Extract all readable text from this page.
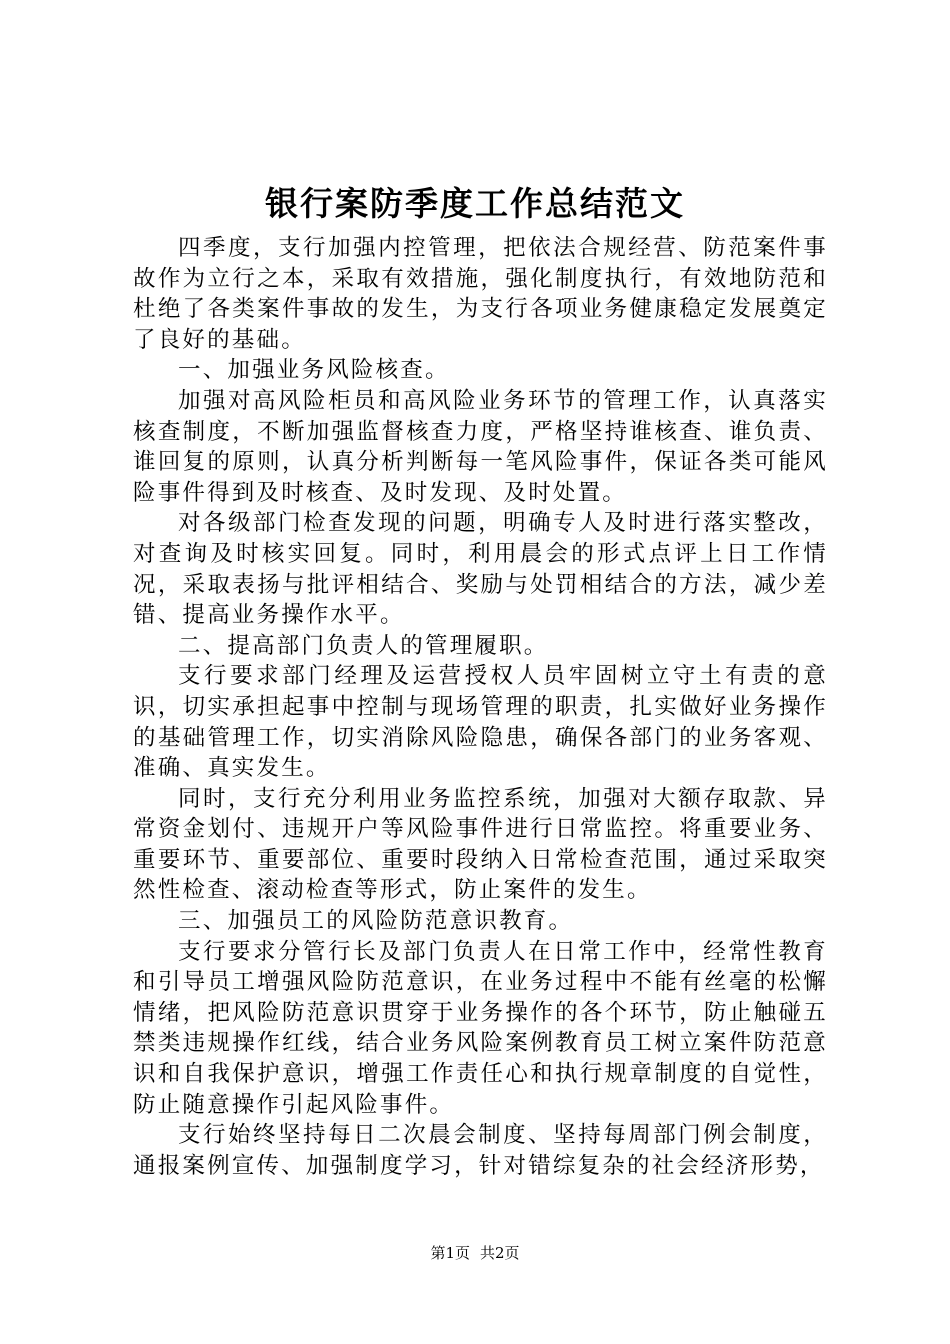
银行案防季度工作总结范文

四季度，支行加强内控管理，把依法合规经营、防范案件事故作为立行之本，采取有效措施，强化制度执行，有效地防范和杜绝了各类案件事故的发生，为支行各项业务健康稳定发展奠定了良好的基础。

一、加强业务风险核查。

加强对高风险柜员和高风险业务环节的管理工作，认真落实核查制度，不断加强监督核查力度，严格坚持谁核查、谁负责、谁回复的原则，认真分析判断每一笔风险事件，保证各类可能风险事件得到及时核查、及时发现、及时处置。

对各级部门检查发现的问题，明确专人及时进行落实整改，对查询及时核实回复。同时，利用晨会的形式点评上日工作情况，采取表扬与批评相结合、奖励与处罚相结合的方法，减少差错、提高业务操作水平。

二、提高部门负责人的管理履职。

支行要求部门经理及运营授权人员牢固树立守土有责的意识，切实承担起事中控制与现场管理的职责，扎实做好业务操作的基础管理工作，切实消除风险隐患，确保各部门的业务客观、准确、真实发生。

同时，支行充分利用业务监控系统，加强对大额存取款、异常资金划付、违规开户等风险事件进行日常监控。将重要业务、重要环节、重要部位、重要时段纳入日常检查范围，通过采取突然性检查、滚动检查等形式，防止案件的发生。

三、加强员工的风险防范意识教育。

支行要求分管行长及部门负责人在日常工作中，经常性教育和引导员工增强风险防范意识，在业务过程中不能有丝毫的松懈情绪，把风险防范意识贯穿于业务操作的各个环节，防止触碰五禁类违规操作红线，结合业务风险案例教育员工树立案件防范意识和自我保护意识，增强工作责任心和执行规章制度的自觉性，防止随意操作引起风险事件。

支行始终坚持每日二次晨会制度、坚持每周部门例会制度，通报案例宣传、加强制度学习，针对错综复杂的社会经济形势，

第1页 共2页
